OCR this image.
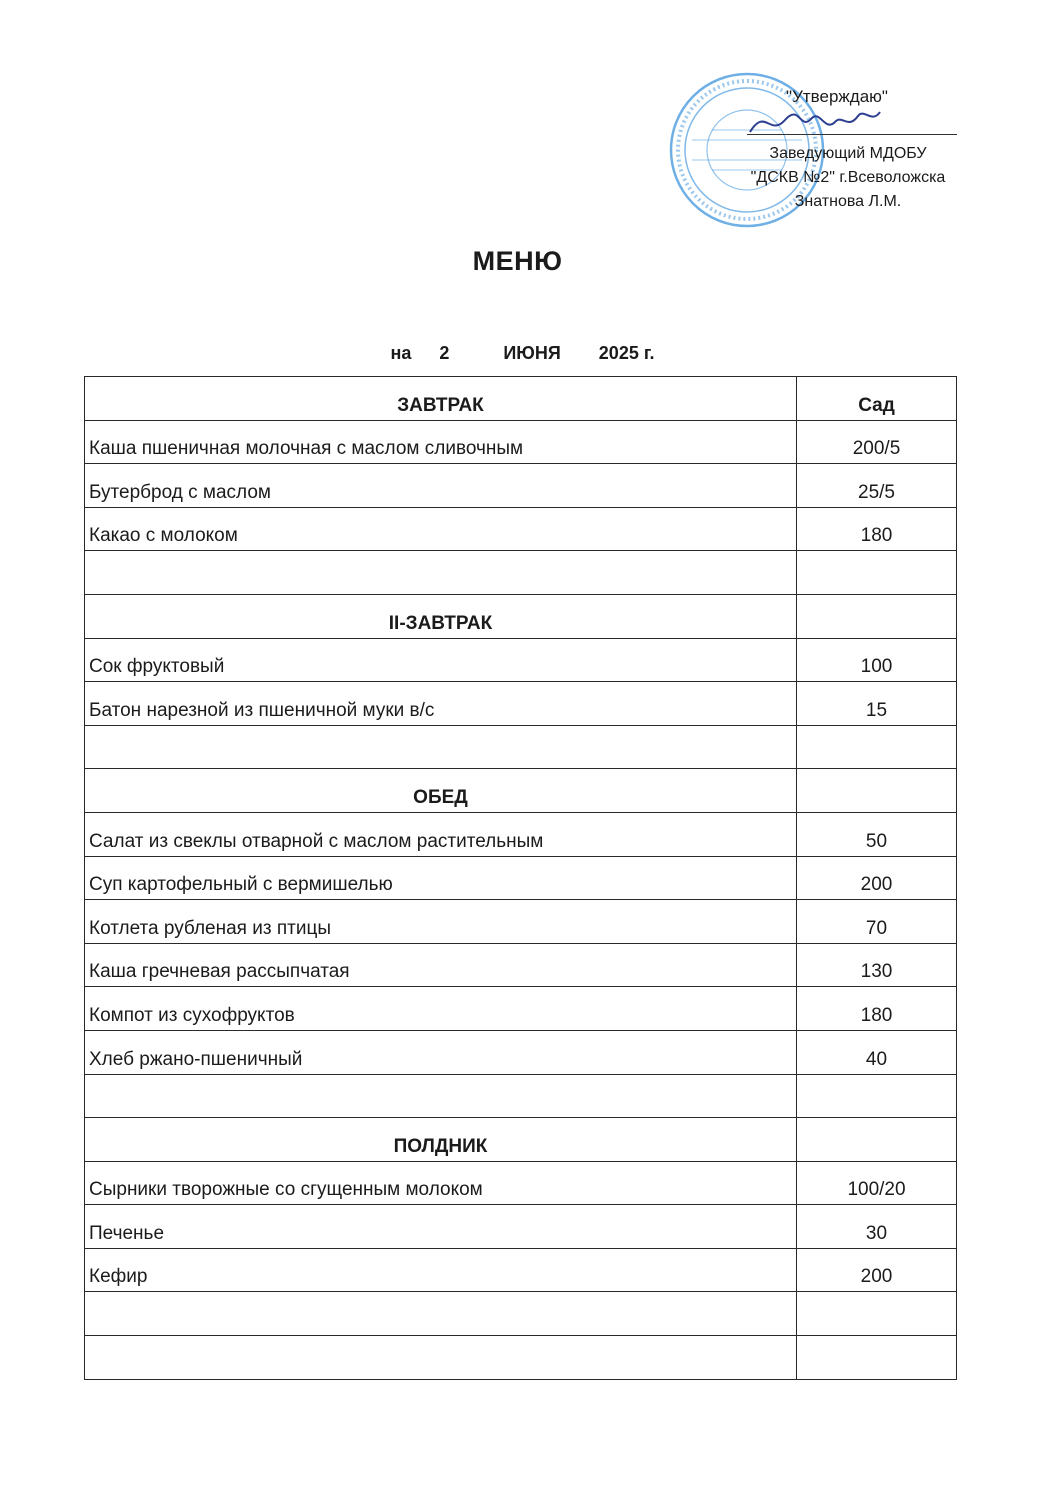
"Утверждаю"
Заведующий МДОБУ
"ДСКВ №2" г.Всеволожска
Знатнова Л.М.
МЕНЮ

на 2	ИЮНЯ 2025 г.

ЗАВТРАК	Сад
Каша пшеничная молочная с маслом сливочным	200/5
Бутерброд с маслом	25/5
Какао с молоком	180

II-ЗАВТРАК	
Сок фруктовый	100
Батон нарезной из пшеничной муки в/с	15

ОБЕД	
Салат из свеклы отварной с маслом растительным	50
Суп картофельный с вермишелью	200
Котлета рубленая из птицы	70
Каша гречневая рассыпчатая	130
Компот из сухофруктов	180
Хлеб ржано-пшеничный	40

ПОЛДНИК	
Сырники творожные со сгущенным молоком	100/20
Печенье	30
Кефир	200
